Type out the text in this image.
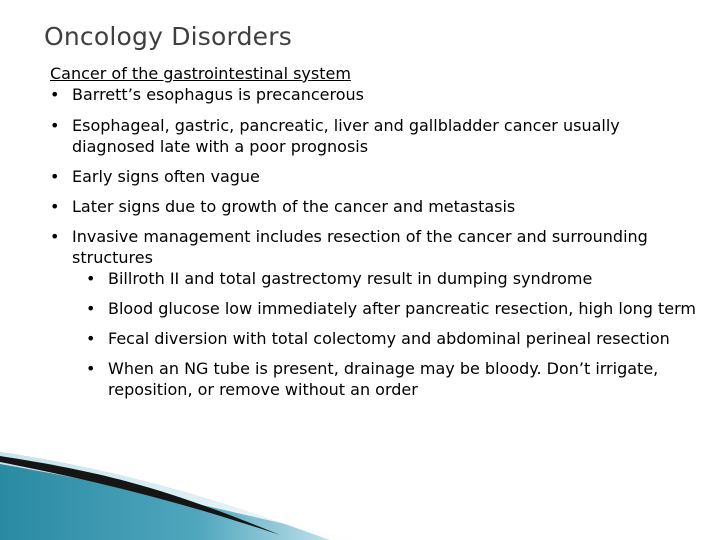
Oncology Disorders
Cancer of the gastrointestinal system
• Barrett’s esophagus is precancerous
• Esophageal, gastric, pancreatic, liver and gallbladder cancer usually diagnosed late with a poor prognosis
• Early signs often vague
• Later signs due to growth of the cancer and metastasis
• Invasive management includes resection of the cancer and surrounding structures
• Billroth II and total gastrectomy result in dumping syndrome
• Blood glucose low immediately after pancreatic resection, high long term
• Fecal diversion with total colectomy and abdominal perineal resection
• When an NG tube is present, drainage may be bloody. Don’t irrigate, reposition, or remove without an order
